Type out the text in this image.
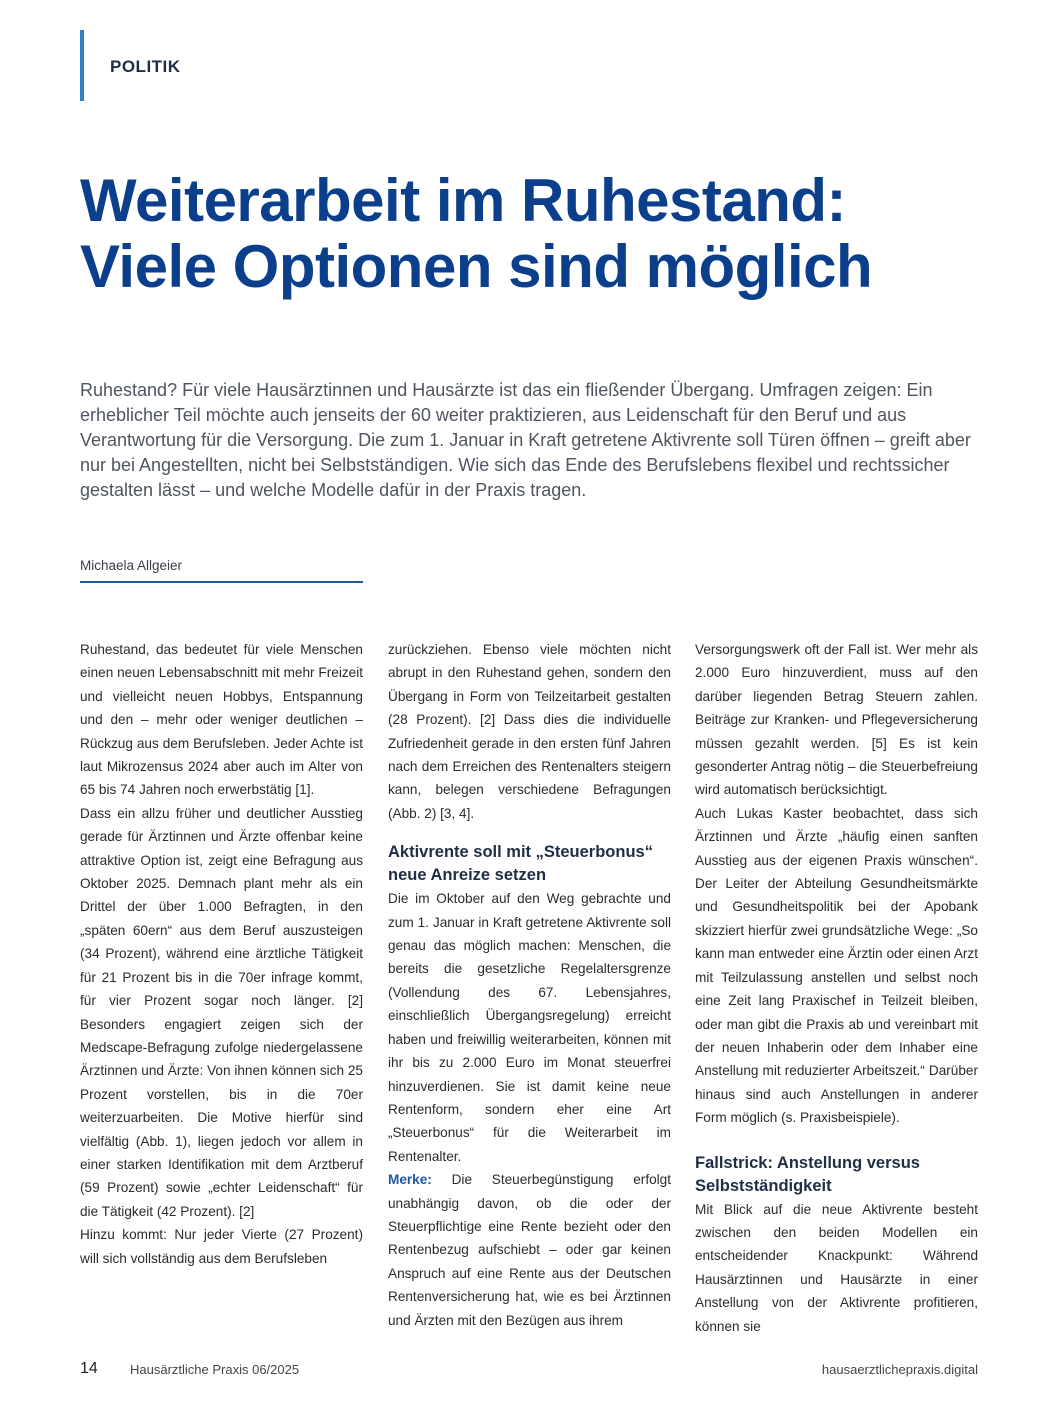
POLITIK
Weiterarbeit im Ruhestand:
Viele Optionen sind möglich

Ruhestand? Für viele Hausärztinnen und Hausärzte ist das ein fließender Übergang. Umfragen zeigen: Ein erheblicher Teil möchte auch jenseits der 60 weiter praktizieren, aus Leidenschaft für den Beruf und aus Verantwortung für die Versorgung. Die zum 1. Januar in Kraft getretene Aktivrente soll Türen öffnen – greift aber nur bei Angestellten, nicht bei Selbstständigen. Wie sich das Ende des Berufslebens flexibel und rechtssicher gestalten lässt – und welche Modelle dafür in der Praxis tragen.

Michaela Allgeier

Ruhestand, das bedeutet für viele Menschen einen neuen Lebensabschnitt mit mehr Freizeit und vielleicht neuen Hobbys, Entspannung und den – mehr oder weniger deutlichen – Rückzug aus dem Berufsleben. Jeder Achte ist laut Mikrozensus 2024 aber auch im Alter von 65 bis 74 Jahren noch erwerbstätig [1].

Dass ein allzu früher und deutlicher Ausstieg gerade für Ärztinnen und Ärzte offenbar keine attraktive Option ist, zeigt eine Befragung aus Oktober 2025. Demnach plant mehr als ein Drittel der über 1.000 Befragten, in den „späten 60ern“ aus dem Beruf auszusteigen (34 Prozent), während eine ärztliche Tätigkeit für 21 Prozent bis in die 70er infrage kommt, für vier Prozent sogar noch länger. [2] Besonders engagiert zeigen sich der Medscape-Befragung zufolge niedergelassene Ärztinnen und Ärzte: Von ihnen können sich 25 Prozent vorstellen, bis in die 70er weiterzuarbeiten. Die Motive hierfür sind vielfältig (Abb. 1), liegen jedoch vor allem in einer starken Identifikation mit dem Arztberuf (59 Prozent) sowie „echter Leidenschaft“ für die Tätigkeit (42 Prozent). [2]

Hinzu kommt: Nur jeder Vierte (27 Prozent) will sich vollständig aus dem Berufsleben

zurückziehen. Ebenso viele möchten nicht abrupt in den Ruhestand gehen, sondern den Übergang in Form von Teilzeitarbeit gestalten (28 Prozent). [2] Dass dies die individuelle Zufriedenheit gerade in den ersten fünf Jahren nach dem Erreichen des Rentenalters steigern kann, belegen verschiedene Befragungen (Abb. 2) [3, 4].

Aktivrente soll mit „Steuerbonus“ neue Anreize setzen

Die im Oktober auf den Weg gebrachte und zum 1. Januar in Kraft getretene Aktivrente soll genau das möglich machen: Menschen, die bereits die gesetzliche Regelaltersgrenze (Vollendung des 67. Lebensjahres, einschließlich Übergangsregelung) erreicht haben und freiwillig weiterarbeiten, können mit ihr bis zu 2.000 Euro im Monat steuerfrei hinzuverdienen. Sie ist damit keine neue Rentenform, sondern eher eine Art „Steuerbonus“ für die Weiterarbeit im Rentenalter.

Merke: Die Steuerbegünstigung erfolgt unabhängig davon, ob die oder der Steuerpflichtige eine Rente bezieht oder den Rentenbezug aufschiebt – oder gar keinen Anspruch auf eine Rente aus der Deutschen Rentenversicherung hat, wie es bei Ärztinnen und Ärzten mit den Bezügen aus ihrem

Versorgungswerk oft der Fall ist. Wer mehr als 2.000 Euro hinzuverdient, muss auf den darüber liegenden Betrag Steuern zahlen. Beiträge zur Kranken- und Pflegeversicherung müssen gezahlt werden. [5] Es ist kein gesonderter Antrag nötig – die Steuerbefreiung wird automatisch berücksichtigt.

Auch Lukas Kaster beobachtet, dass sich Ärztinnen und Ärzte „häufig einen sanften Ausstieg aus der eigenen Praxis wünschen“. Der Leiter der Abteilung Gesundheitsmärkte und Gesundheitspolitik bei der Apobank skizziert hierfür zwei grundsätzliche Wege: „So kann man entweder eine Ärztin oder einen Arzt mit Teilzulassung anstellen und selbst noch eine Zeit lang Praxischef in Teilzeit bleiben, oder man gibt die Praxis ab und vereinbart mit der neuen Inhaberin oder dem Inhaber eine Anstellung mit reduzierter Arbeitszeit.“ Darüber hinaus sind auch Anstellungen in anderer Form möglich (s. Praxisbeispiele).

Fallstrick: Anstellung versus Selbstständigkeit

Mit Blick auf die neue Aktivrente besteht zwischen den beiden Modellen ein entscheidender Knackpunkt: Während Hausärztinnen und Hausärzte in einer Anstellung von der Aktivrente profitieren, können sie

14 Hausärztliche Praxis 06/2025	hausaerztlichepraxis.digital
